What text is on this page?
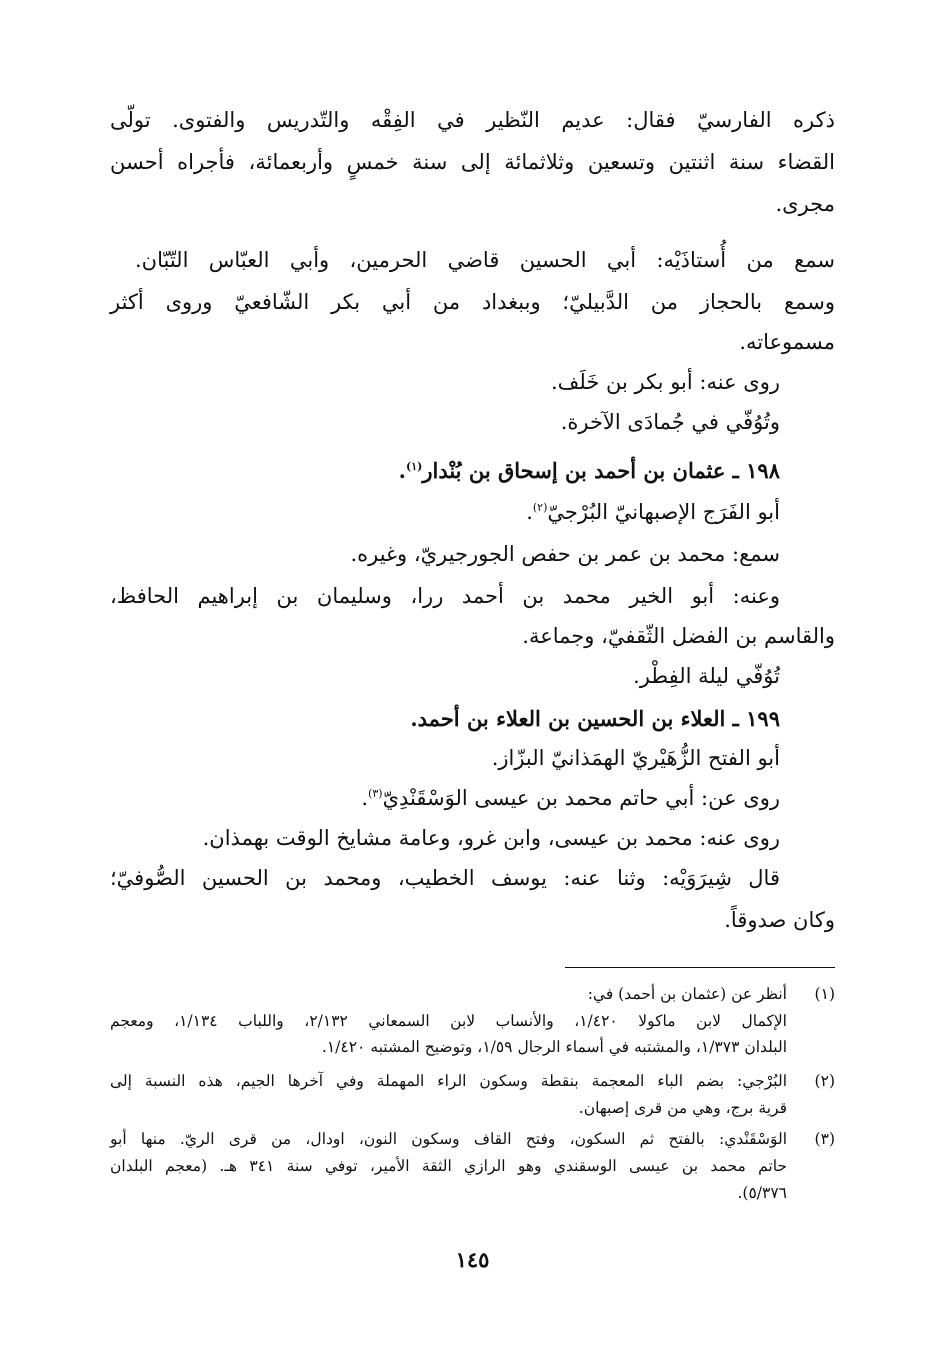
ذكره الفارسيّ فقال: عديم النّظير في الفِقْه والتّدريس والفتوى. تولّى
القضاء سنة اثنتين وتسعين وثلاثمائة إلى سنة خمسٍ وأربعمائة، فأجراه أحسن
مجرى.
سمع من أُستاذَيْه: أبي الحسين قاضي الحرمين، وأبي العبّاس التّبّان.
وسمع بالحجاز من الدَّبيليّ؛ وببغداد من أبي بكر الشّافعيّ وروى أكثر
مسموعاته.
روى عنه: أبو بكر بن خَلَف.
وتُوُفّي في جُمادَى الآخرة.
١٩٨ ـ عثمان بن أحمد بن إسحاق بن بُنْدار$^{(١)}$.
أبو الفَرَج الإصبهانيّ البُرْجيّ$^{(٢)}$.
سمع: محمد بن عمر بن حفص الجورجيريّ، وغيره.
وعنه: أبو الخير محمد بن أحمد ررا، وسليمان بن إبراهيم الحافظ،
والقاسم بن الفضل الثّقفيّ، وجماعة.
تُوُفّي ليلة الفِطْر.
١٩٩ ـ العلاء بن الحسين بن العلاء بن أحمد.
أبو الفتح الزُّهَيْريّ الهمَذانيّ البزّاز.
روى عن: أبي حاتم محمد بن عيسى الوَسْقَنْدِيّ$^{(٣)}$.
روى عنه: محمد بن عيسى، وابن غرو، وعامة مشايخ الوقت بهمذان.
قال شِيرَوَيْه: وثنا عنه: يوسف الخطيب، ومحمد بن الحسين الصُّوفيّ؛
وكان صدوقاً.
(١)
أنظر عن (عثمان بن أحمد) في:
الإكمال لابن ماكولا ١/٤٢٠، والأنساب لابن السمعاني ٢/١٣٢، واللباب ١/١٣٤، ومعجم
البلدان ١/٣٧٣، والمشتبه في أسماء الرجال ١/٥٩، وتوضيح المشتبه ١/٤٢٠.
(٢)
البُرْجي: بضم الباء المعجمة بنقطة وسكون الراء المهملة وفي آخرها الجيم، هذه النسبة إلى
قرية برج، وهي من قرى إصبهان.
(٣)
الوَسْقَنْدي: بالفتح ثم السكون، وفتح القاف وسكون النون، اودال، من قرى الريّ. منها أبو
حاتم محمد بن عيسى الوسقندي وهو الرازي الثقة الأمير، توفي سنة ٣٤١ هـ. (معجم البلدان
٥/٣٧٦).
١٤٥
